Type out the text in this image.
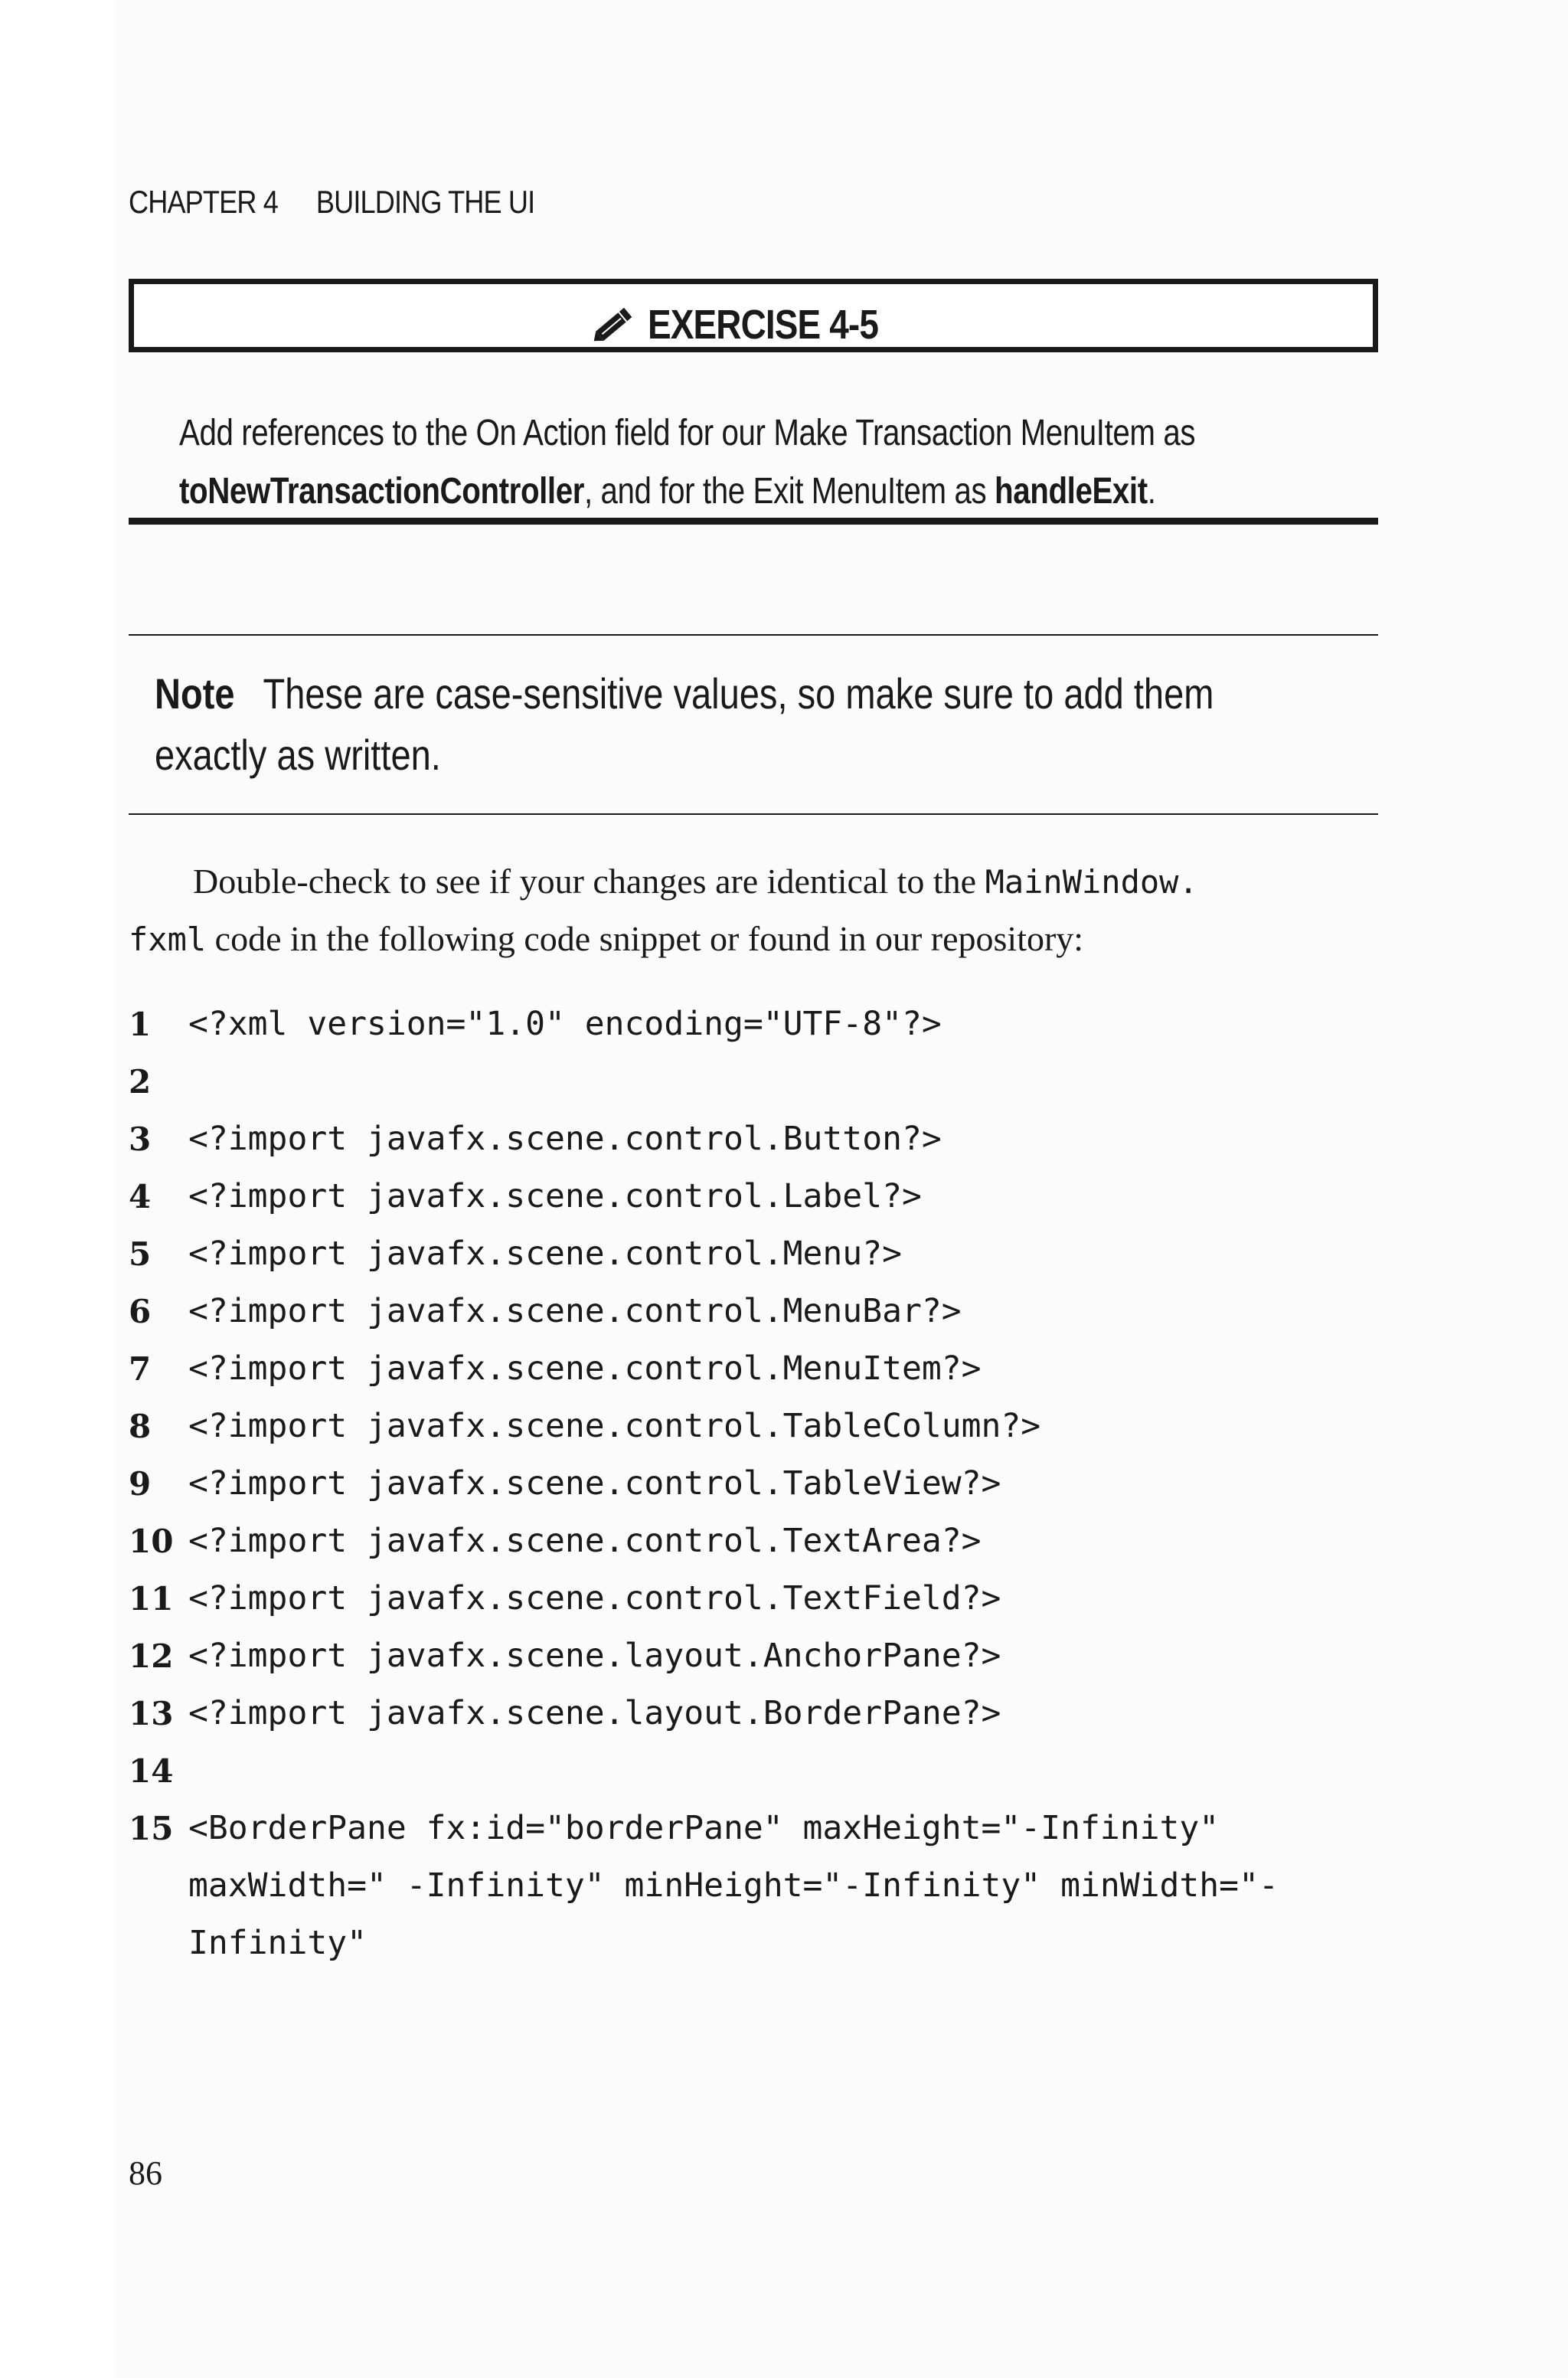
CHAPTER 4 BUILDING THE UI
EXERCISE 4-5
Add references to the On Action field for our Make Transaction MenuItem as
toNewTransactionController, and for the Exit MenuItem as handleExit.
Note These are case-sensitive values, so make sure to add them
exactly as written.
Double-check to see if your changes are identical to the MainWindow.
fxml code in the following code snippet or found in our repository:
1 <?xml version="1.0" encoding="UTF-8"?>
2
3 <?import javafx.scene.control.Button?>
4 <?import javafx.scene.control.Label?>
5 <?import javafx.scene.control.Menu?>
6 <?import javafx.scene.control.MenuBar?>
7 <?import javafx.scene.control.MenuItem?>
8 <?import javafx.scene.control.TableColumn?>
9 <?import javafx.scene.control.TableView?>
10 <?import javafx.scene.control.TextArea?>
11 <?import javafx.scene.control.TextField?>
12 <?import javafx.scene.layout.AnchorPane?>
13 <?import javafx.scene.layout.BorderPane?>
14
15 <BorderPane fx:id="borderPane" maxHeight="-Infinity"
maxWidth=" -Infinity" minHeight="-Infinity" minWidth="-
Infinity"
86
